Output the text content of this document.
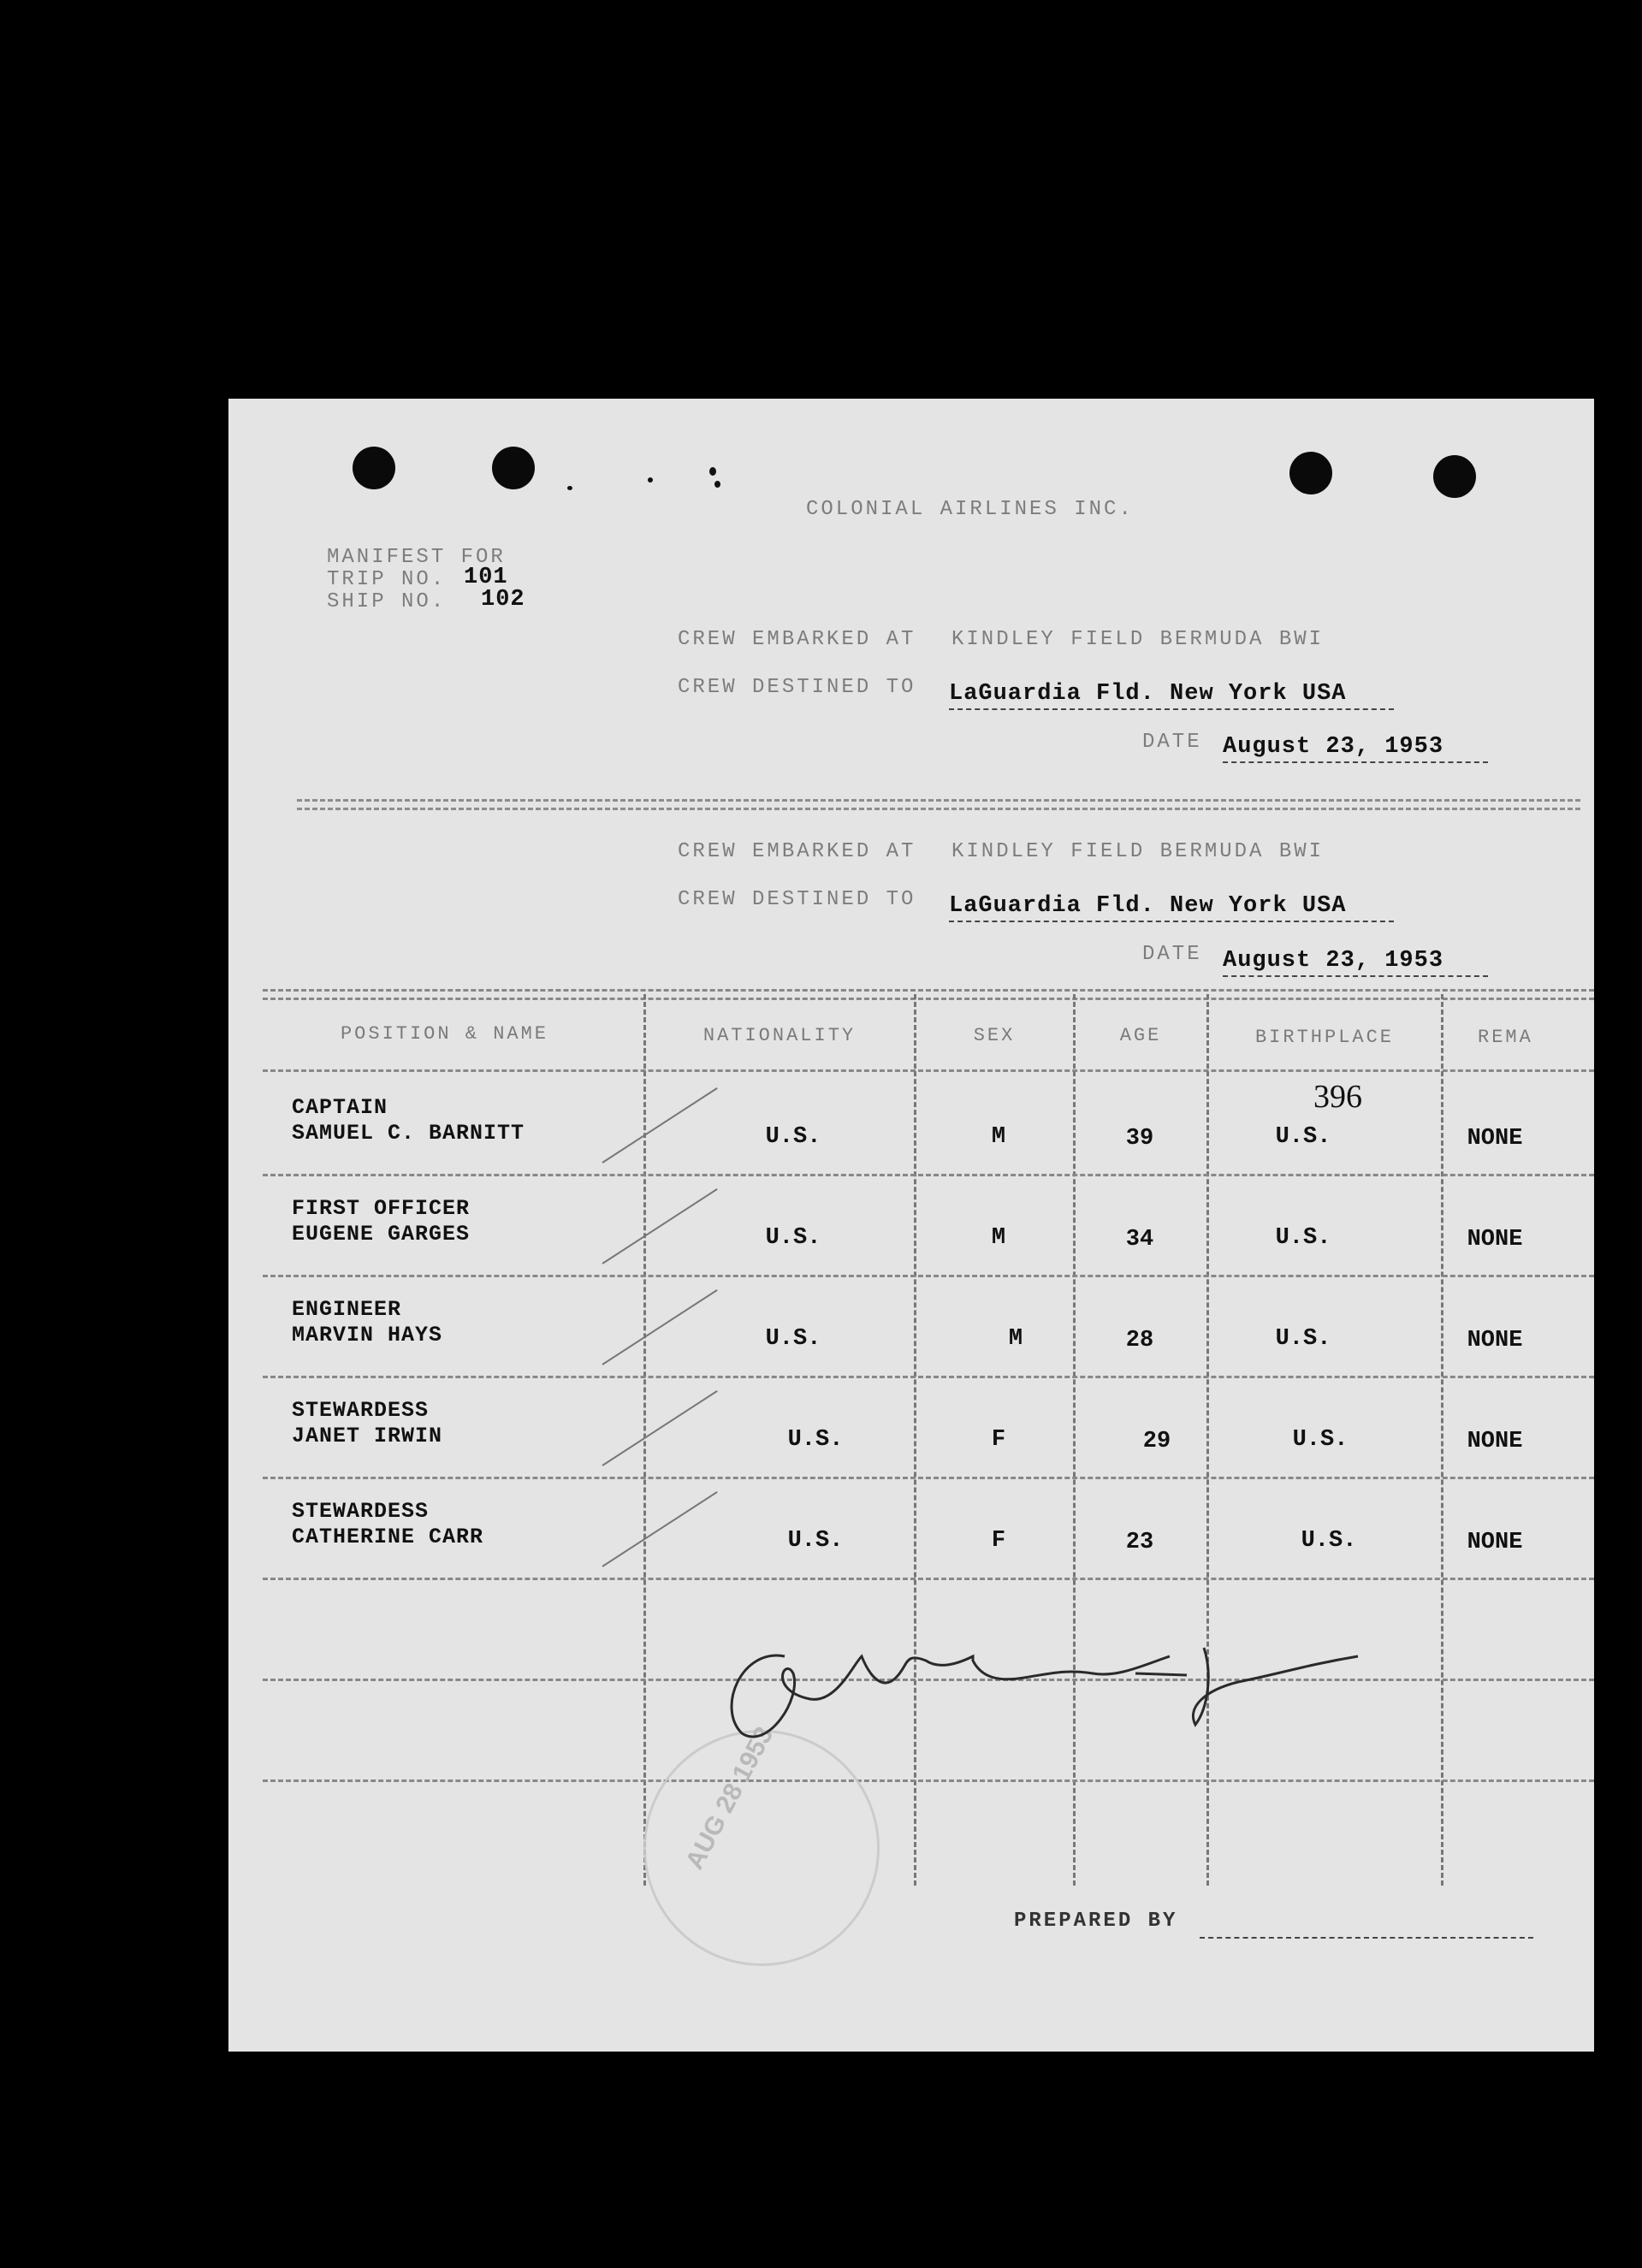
COLONIAL AIRLINES INC.
MANIFEST FOR
TRIP NO. 101
SHIP NO. 102
CREW EMBARKED AT KINDLEY FIELD BERMUDA BWI
CREW DESTINED TO LaGuardia Fld. New York USA
DATE August 23, 1953
CREW EMBARKED AT KINDLEY FIELD BERMUDA BWI
CREW DESTINED TO LaGuardia Fld. New York USA
DATE August 23, 1953
POSITION & NAME	NATIONALITY	SEX	AGE	BIRTHPLACE	REMA
396
CAPTAIN
SAMUEL C. BARNITT	U.S.	M	39	U.S.	NONE
FIRST OFFICER
EUGENE GARGES	U.S.	M	34	U.S.	NONE
ENGINEER
MARVIN HAYS	U.S.	M	28	U.S.	NONE
STEWARDESS
JANET IRWIN	U.S.	F	29	U.S.	NONE
STEWARDESS
CATHERINE CARR	U.S.	F	23	U.S.	NONE
AUG 28 1953
PREPARED BY
